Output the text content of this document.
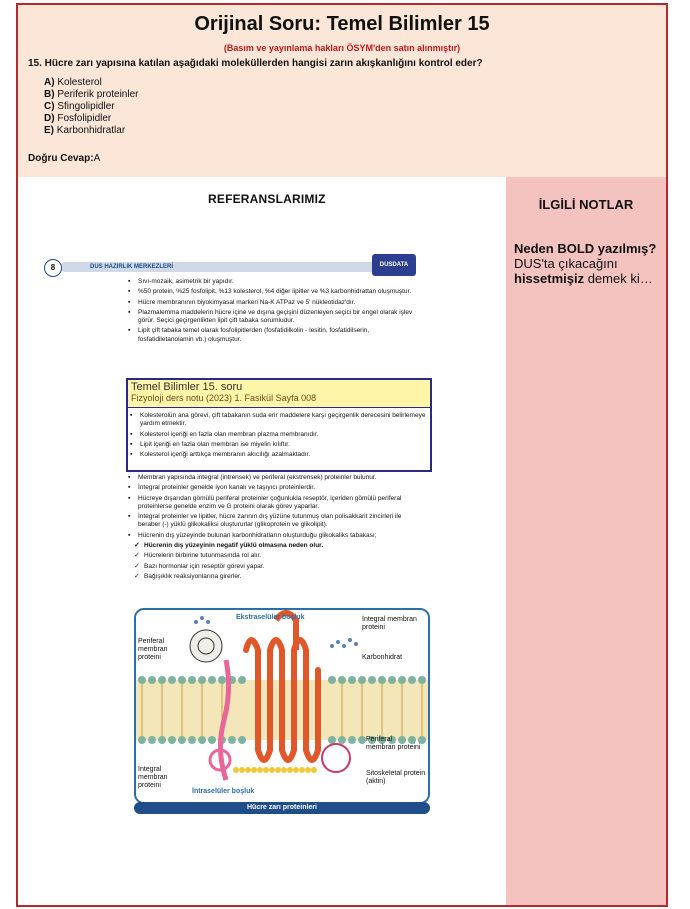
Orijinal Soru: Temel Bilimler 15
(Basım ve yayınlama hakları ÖSYM'den satın alınmıştır)
15. Hücre zarı yapısına katılan aşağıdaki moleküllerden hangisi zarın akışkanlığını kontrol eder?
A) Kolesterol
B) Periferik proteinler
C) Sfingolipidler
D) Fosfolipidler
E) Karbonhidratlar
Doğru Cevap:A
REFERANSLARIMIZ	İLGİLİ NOTLAR
Neden BOLD yazılmış?
DUS'ta çıkacağını
hissetmişiz demek ki…
DUS HAZIRLIK MERKEZLERİ
8	DUSDATA
▪ Sıvı-mozaik, asimetrik bir yapıdır.
▪ %50 protein, %25 fosfolipit, %13 kolesterol, %4 diğer lipitler ve %3 karbonhidrattan oluşmuştur.
▪ Hücre membranının biyokimyasal markeri Na-K ATPaz ve 5' nükleotidaz'dır.
▪ Plazmalemma maddelerin hücre içine ve dışına geçişini düzenleyen seçici bir engel olarak işlev görür. Seçici geçirgenlikten lipit çift tabaka sorumludur.
▪ Lipit çift tabaka temel olarak fosfolipitlerden (fosfatidilkolin - lesitin, fosfatidilserin, fosfatidiletanolamin vb.) oluşmuştur.
Temel Bilimler 15. soru
Fizyoloji ders notu (2023) 1. Fasikül Sayfa 008
▪ Kolesterolün ana görevi, çift tabakanın suda erir maddelere karşı geçirgenlik derecesini belirlemeye yardım etmektir.
▪ Kolesterol içeriği en fazla olan membran plazma membranıdır.
▪ Lipit içeriği en fazla olan membran ise miyelin kılıftır.
▪ Kolesterol içeriği arttıkça membranın akıcılığı azalmaktadır.
▪ Membran yapısında integral (intrensek) ve periferal (ekstrensek) proteinler bulunur.
▪ İntegral proteinler genelde iyon kanalı ve taşıyıcı proteinlerdir.
▪ Hücreye dışarıdan gömülü periferal proteinler çoğunlukla reseptör, içeriden gömülü periferal proteinlerse genelde enzim ve G proteini olarak görev yaparlar.
▪ İntegral proteinler ve lipitler, hücre zarının dış yüzüne tutunmuş olan polisakkarit zincirleri ile beraber (-) yüklü glikokaliksi oluştururlar (glikoprotein ve glikolipit).
▪ Hücrenin dış yüzeyinde bulunan karbonhidratların oluşturduğu glikokaliks tabakası;
✓ Hücrenin dış yüzeyinin negatif yüklü olmasına neden olur.
✓ Hücrelerin birbirine tutunmasında rol alır.
✓ Bazı hormonlar için reseptör görevi yapar.
✓ Bağışıklık reaksiyonlarına girerler.
Ekstraselüler boşluk
İntraselüler boşluk
İntegral membran proteini
Karbonhidrat
Periferal membran proteini
Periferal membran proteini
İntegral membran proteini
Sitoskeletal protein (aktin)
Hücre zarı proteinleri
